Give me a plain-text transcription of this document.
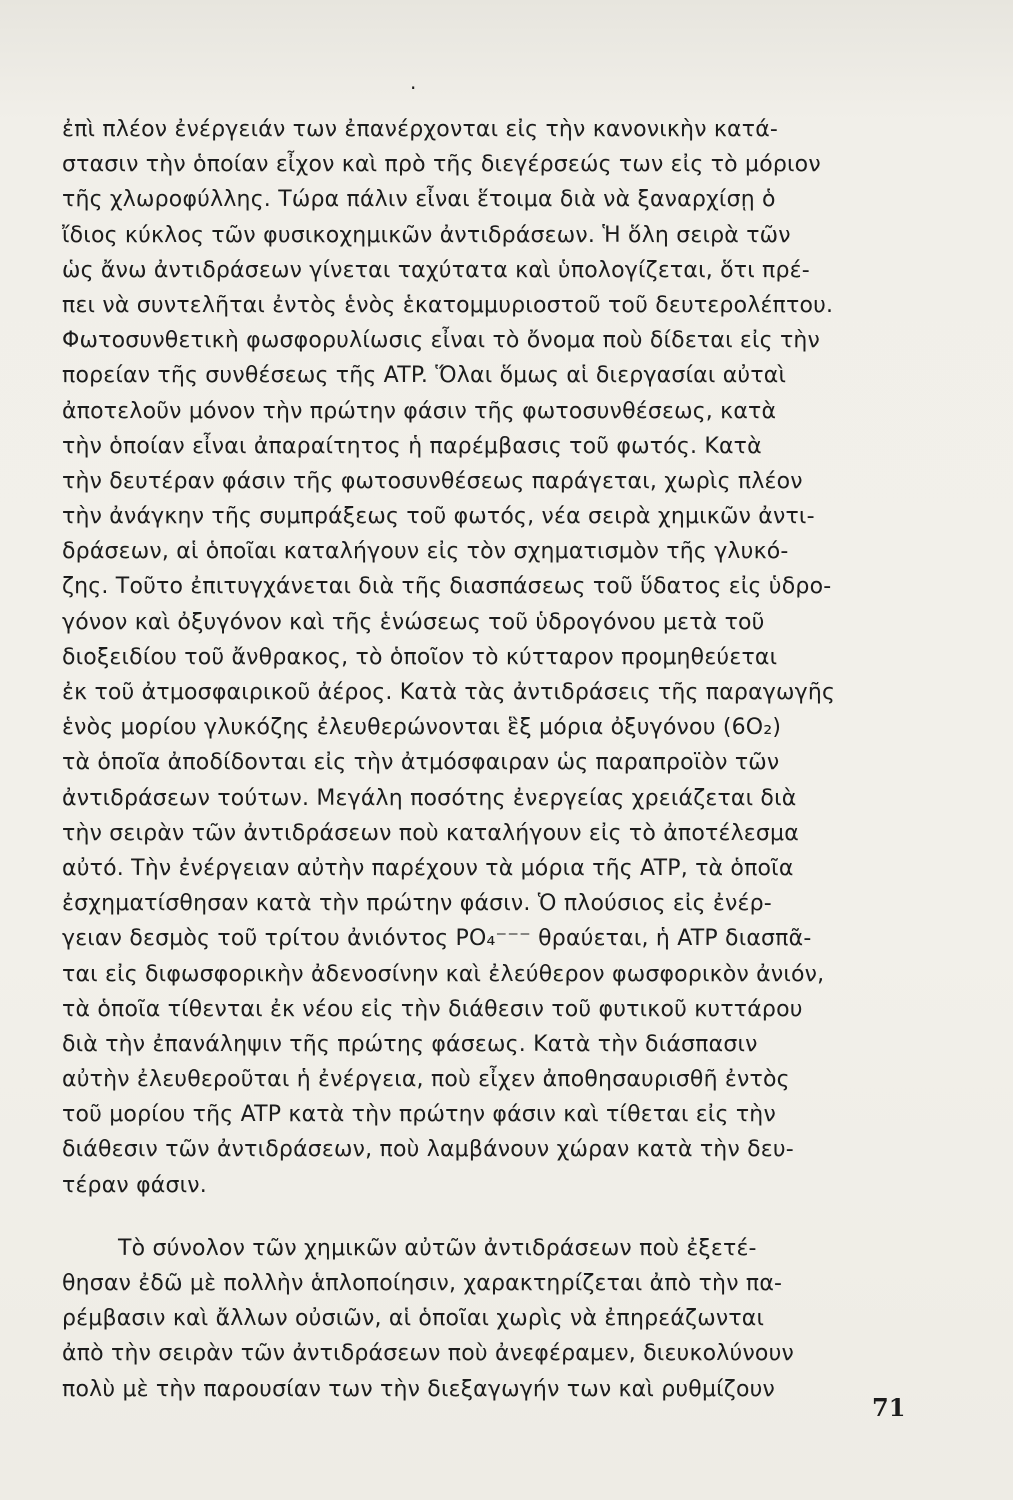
·
ἐπὶ πλέον ἐνέργειάν των ἐπανέρχονται εἰς τὴν κανονικὴν κατά-
στασιν τὴν ὁποίαν εἶχον καὶ πρὸ τῆς διεγέρσεώς των εἰς τὸ μόριον
τῆς χλωροφύλλης. Τώρα πάλιν εἶναι ἕτοιμα διὰ νὰ ξαναρχίσῃ ὁ
ἴδιος κύκλος τῶν φυσικοχημικῶν ἀντιδράσεων. Ἡ ὅλη σειρὰ τῶν
ὡς ἄνω ἀντιδράσεων γίνεται ταχύτατα καὶ ὑπολογίζεται, ὅτι πρέ-
πει νὰ συντελῆται ἐντὸς ἑνὸς ἑκατομμυριοστοῦ τοῦ δευτερολέπτου.
Φωτοσυνθετικὴ φωσφορυλίωσις εἶναι τὸ ὄνομα ποὺ δίδεται εἰς τὴν
πορείαν τῆς συνθέσεως τῆς ATP. Ὅλαι ὅμως αἱ διεργασίαι αὐταὶ
ἀποτελοῦν μόνον τὴν πρώτην φάσιν τῆς φωτοσυνθέσεως, κατὰ
τὴν ὁποίαν εἶναι ἀπαραίτητος ἡ παρέμβασις τοῦ φωτός. Κατὰ
τὴν δευτέραν φάσιν τῆς φωτοσυνθέσεως παράγεται, χωρὶς πλέον
τὴν ἀνάγκην τῆς συμπράξεως τοῦ φωτός, νέα σειρὰ χημικῶν ἀντι-
δράσεων, αἱ ὁποῖαι καταλήγουν εἰς τὸν σχηματισμὸν τῆς γλυκό-
ζης. Τοῦτο ἐπιτυγχάνεται διὰ τῆς διασπάσεως τοῦ ὕδατος εἰς ὑδρο-
γόνον καὶ ὀξυγόνον καὶ τῆς ἑνώσεως τοῦ ὑδρογόνου μετὰ τοῦ
διοξειδίου τοῦ ἄνθρακος, τὸ ὁποῖον τὸ κύτταρον προμηθεύεται
ἐκ τοῦ ἀτμοσφαιρικοῦ ἀέρος. Κατὰ τὰς ἀντιδράσεις τῆς παραγωγῆς
ἑνὸς μορίου γλυκόζης ἐλευθερώνονται ἓξ μόρια ὀξυγόνου (6O₂)
τὰ ὁποῖα ἀποδίδονται εἰς τὴν ἀτμόσφαιραν ὡς παραπροϊὸν τῶν
ἀντιδράσεων τούτων. Μεγάλη ποσότης ἐνεργείας χρειάζεται διὰ
τὴν σειρὰν τῶν ἀντιδράσεων ποὺ καταλήγουν εἰς τὸ ἀποτέλεσμα
αὐτό. Τὴν ἐνέργειαν αὐτὴν παρέχουν τὰ μόρια τῆς ATP, τὰ ὁποῖα
ἐσχηματίσθησαν κατὰ τὴν πρώτην φάσιν. Ὁ πλούσιος εἰς ἐνέρ-
γειαν δεσμὸς τοῦ τρίτου ἀνιόντος PO₄⁻⁻⁻ θραύεται, ἡ ATP διασπᾶ-
ται εἰς διφωσφορικὴν ἀδενοσίνην καὶ ἐλεύθερον φωσφορικὸν ἀνιόν,
τὰ ὁποῖα τίθενται ἐκ νέου εἰς τὴν διάθεσιν τοῦ φυτικοῦ κυττάρου
διὰ τὴν ἐπανάληψιν τῆς πρώτης φάσεως. Κατὰ τὴν διάσπασιν
αὐτὴν ἐλευθεροῦται ἡ ἐνέργεια, ποὺ εἶχεν ἀποθησαυρισθῆ ἐντὸς
τοῦ μορίου τῆς ATP κατὰ τὴν πρώτην φάσιν καὶ τίθεται εἰς τὴν
διάθεσιν τῶν ἀντιδράσεων, ποὺ λαμβάνουν χώραν κατὰ τὴν δευ-
τέραν φάσιν.
Τὸ σύνολον τῶν χημικῶν αὐτῶν ἀντιδράσεων ποὺ ἐξετέ-
θησαν ἐδῶ μὲ πολλὴν ἁπλοποίησιν, χαρακτηρίζεται ἀπὸ τὴν πα-
ρέμβασιν καὶ ἄλλων οὐσιῶν, αἱ ὁποῖαι χωρὶς νὰ ἐπηρεάζωνται
ἀπὸ τὴν σειρὰν τῶν ἀντιδράσεων ποὺ ἀνεφέραμεν, διευκολύνουν
πολὺ μὲ τὴν παρουσίαν των τὴν διεξαγωγήν των καὶ ρυθμίζουν
71
